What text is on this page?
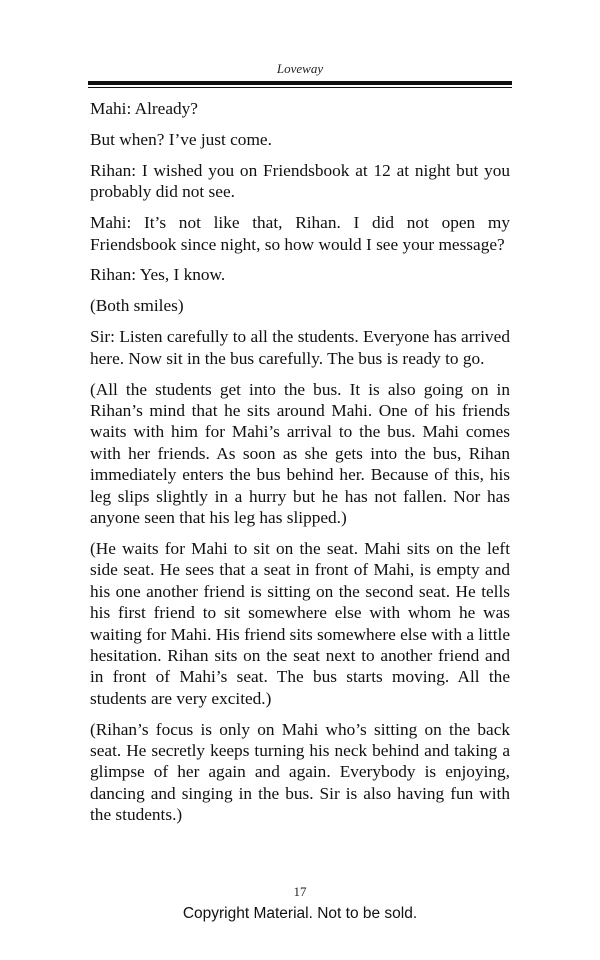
Loveway

Mahi: Already?

But when? I’ve just come.

Rihan: I wished you on Friendsbook at 12 at night but you probably did not see.

Mahi: It’s not like that, Rihan. I did not open my Friendsbook since night, so how would I see your message?

Rihan: Yes, I know.

(Both smiles)

Sir: Listen carefully to all the students. Everyone has arrived here. Now sit in the bus carefully. The bus is ready to go.

(All the students get into the bus. It is also going on in Rihan’s mind that he sits around Mahi. One of his friends waits with him for Mahi’s arrival to the bus. Mahi comes with her friends. As soon as she gets into the bus, Rihan immediately enters the bus behind her. Because of this, his leg slips slightly in a hurry but he has not fallen. Nor has anyone seen that his leg has slipped.)

(He waits for Mahi to sit on the seat. Mahi sits on the left side seat. He sees that a seat in front of Mahi, is empty and his one another friend is sitting on the second seat. He tells his first friend to sit somewhere else with whom he was waiting for Mahi. His friend sits somewhere else with a little hesitation. Rihan sits on the seat next to another friend and in front of Mahi’s seat. The bus starts moving. All the students are very excited.)

(Rihan’s focus is only on Mahi who’s sitting on the back seat. He secretly keeps turning his neck behind and taking a glimpse of her again and again. Everybody is enjoying, dancing and singing in the bus. Sir is also having fun with the students.)

17
Copyright Material. Not to be sold.
